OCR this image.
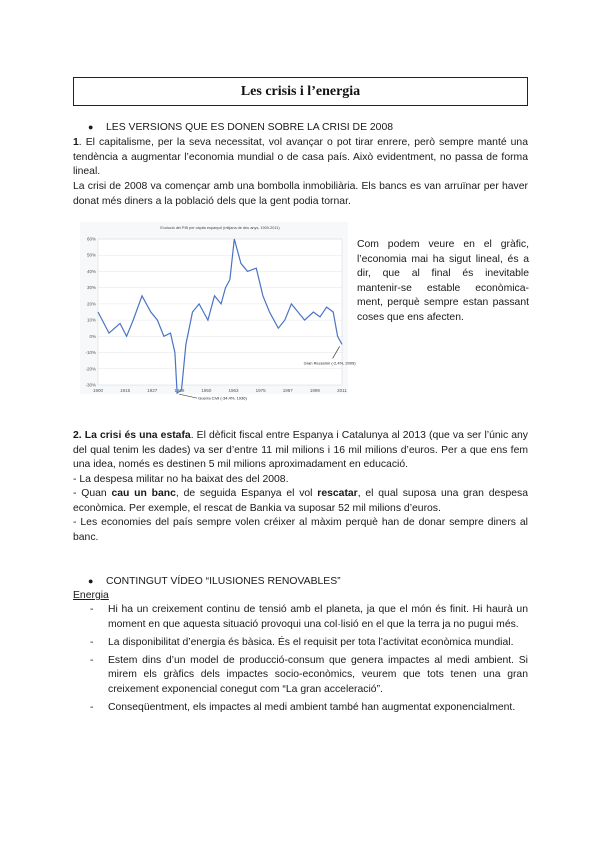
Les crisis i l’energia
●	LES VERSIONS QUE ES DONEN SOBRE LA CRISI DE 2008
1. El capitalisme, per la seva necessitat, vol avançar o pot tirar enrere, però sempre manté una tendència a augmentar l’economia mundial o de casa país. Això evidentment, no passa de forma lineal.
La crisi de 2008 va començar amb una bombolla inmobiliària. Els bancs es van arruïnar per haver donat més diners a la població dels que la gent podia tornar.
Evolució del PIB per càpita espanyol (mitjana de deu anys, 1900-2011)
60%
50%
40%
30%
20%
10%
0%
-10%
-20%
-30%
1900	1915	1927	1939	1950	1963	1975	1987	1999	2011
Guerra Civil (-34,4%, 1936)
Gran Recesión (-2,4%, 2009)
Com podem veure en el gràfic, l’economia mai ha sigut lineal, és a dir, que al final és inevitable mantenir-se estable econòmica-ment, perquè sempre estan passant coses que ens afecten.
2. La crisi és una estafa. El dèficit fiscal entre Espanya i Catalunya al 2013 (que va ser l’únic any del qual tenim les dades) va ser d’entre 11 mil milions i 16 mil milions d’euros. Per a que ens fem una idea, només es destinen 5 mil milions aproximadament en educació.
- La despesa militar no ha baixat des del 2008.
- Quan cau un banc, de seguida Espanya el vol rescatar, el qual suposa una gran despesa econòmica. Per exemple, el rescat de Bankia va suposar 52 mil milions d’euros.
- Les economies del país sempre volen créixer al màxim perquè han de donar sempre diners al banc.
●	CONTINGUT VÍDEO “ILUSIONES RENOVABLES”
Energia
-	Hi ha un creixement continu de tensió amb el planeta, ja que el món és finit. Hi haurà un moment en que aquesta situació provoqui una col·lisió en el que la terra ja no pugui més.
-	La disponibilitat d’energia és bàsica. És el requisit per tota l’activitat econòmica mundial.
-	Estem dins d’un model de producció-consum que genera impactes al medi ambient. Si mirem els gràfics dels impactes socio-econòmics, veurem que tots tenen una gran creixement exponencial conegut com “La gran acceleració”.
-	Conseqüentment, els impactes al medi ambient també han augmentat exponencialment.
